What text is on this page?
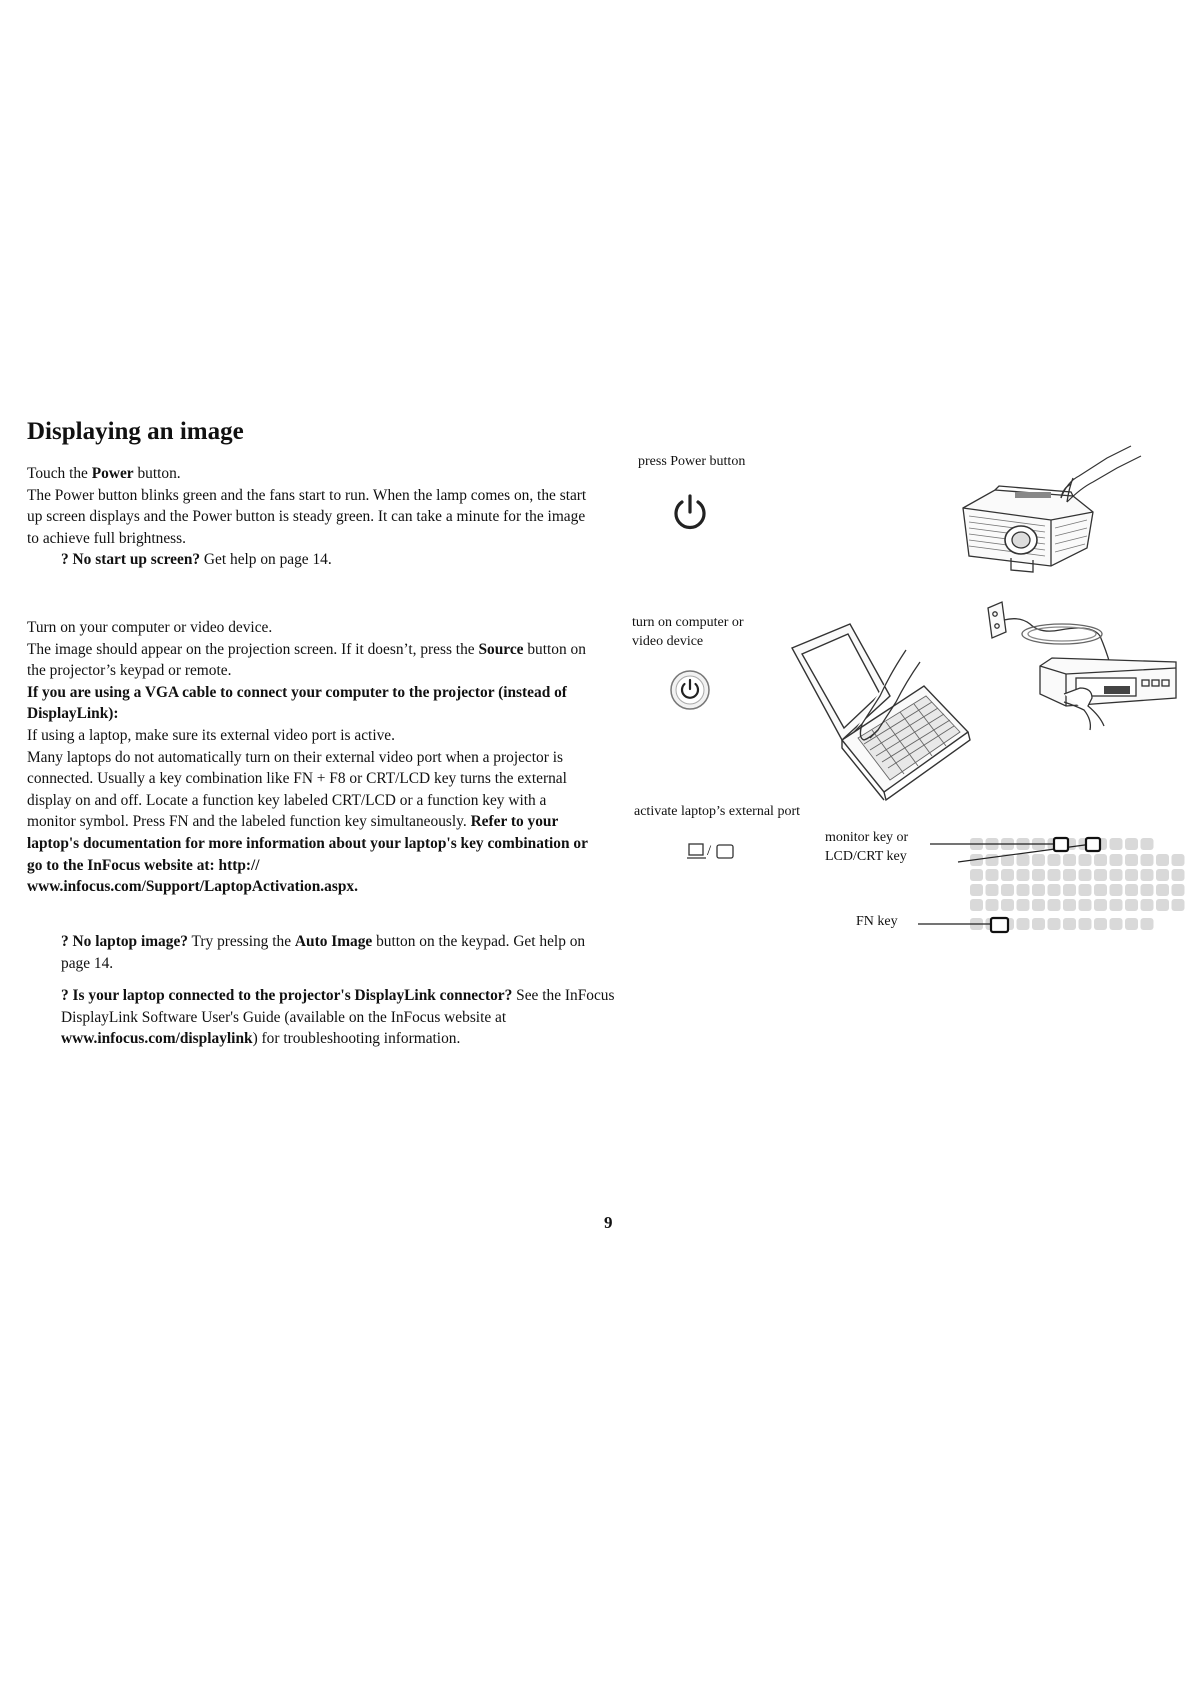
Displaying an image

Touch the Power button.

The Power button blinks green and the fans start to run. When the lamp comes on, the start up screen displays and the Power button is steady green. It can take a minute for the image to achieve full brightness.

? No start up screen? Get help on page 14.

Turn on your computer or video device.

The image should appear on the projection screen. If it doesn’t, press the Source button on the projector’s keypad or remote.

If you are using a VGA cable to connect your computer to the projector (instead of DisplayLink):

If using a laptop, make sure its external video port is active.

Many laptops do not automatically turn on their external video port when a projector is connected. Usually a key combination like FN + F8 or CRT/LCD key turns the external display on and off. Locate a function key labeled CRT/LCD or a function key with a monitor symbol. Press FN and the labeled function key simultaneously. Refer to your laptop's documentation for more information about your laptop's key combination or go to the InFocus website at: http:// www.infocus.com/Support/LaptopActivation.aspx.

? No laptop image? Try pressing the Auto Image button on the keypad. Get help on page 14.

? Is your laptop connected to the projector's DisplayLink connector? See the InFocus DisplayLink Software User's Guide (available on the InFocus website at www.infocus.com/displaylink) for troubleshooting information.

press Power button
turn on computer or
video device
activate laptop’s external port
monitor key or
LCD/CRT key
FN key
/
9
